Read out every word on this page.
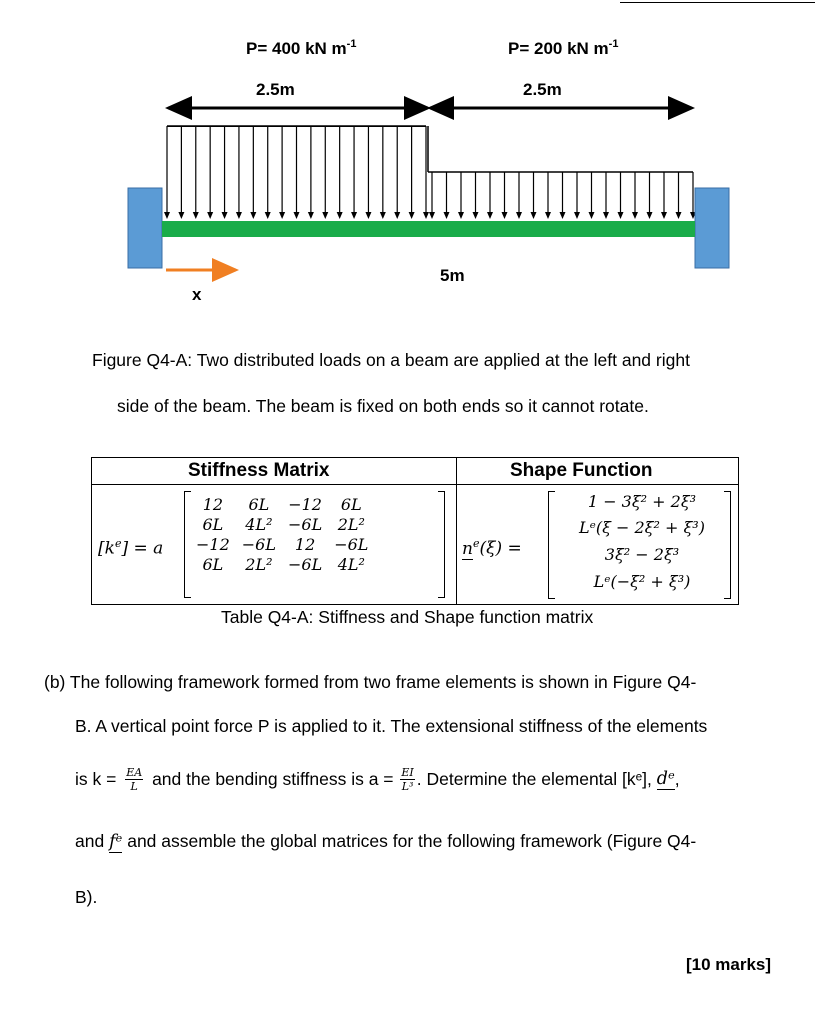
P= 400 kN $m^{-1}$	P= 200 kN $m^{-1}$
2.5m	2.5m
5m
x
Figure Q4-A: Two distributed loads on a beam are applied at the left and right
side of the beam. The beam is fixed on both ends so it cannot rotate.
Stiffness Matrix	Shape Function
$[k^e] = a$
12	6L	−12	6L
6L	4L²	−6L	2L²
−12	−6L	12	−6L
6L	2L²	−6L	4L²
$n^e(\xi)$ =
1 − 3ξ² + 2ξ³
Lᵉ(ξ − 2ξ² + ξ³)
3ξ² − 2ξ³
Lᵉ(−ξ² + ξ³)
Table Q4-A: Stiffness and Shape function matrix
(b) The following framework formed from two frame elements is shown in Figure Q4-
B. A vertical point force P is applied to it. The extensional stiffness of the elements
is $k = \frac{EA}{L}$ and the bending stiffness is $a = \frac{EI}{\text{L³}}$ . Determine the elemental [kᵉ], dᵉ,
and fᵉ and assemble the global matrices for the following framework (Figure Q4-
B).
[10 marks]
